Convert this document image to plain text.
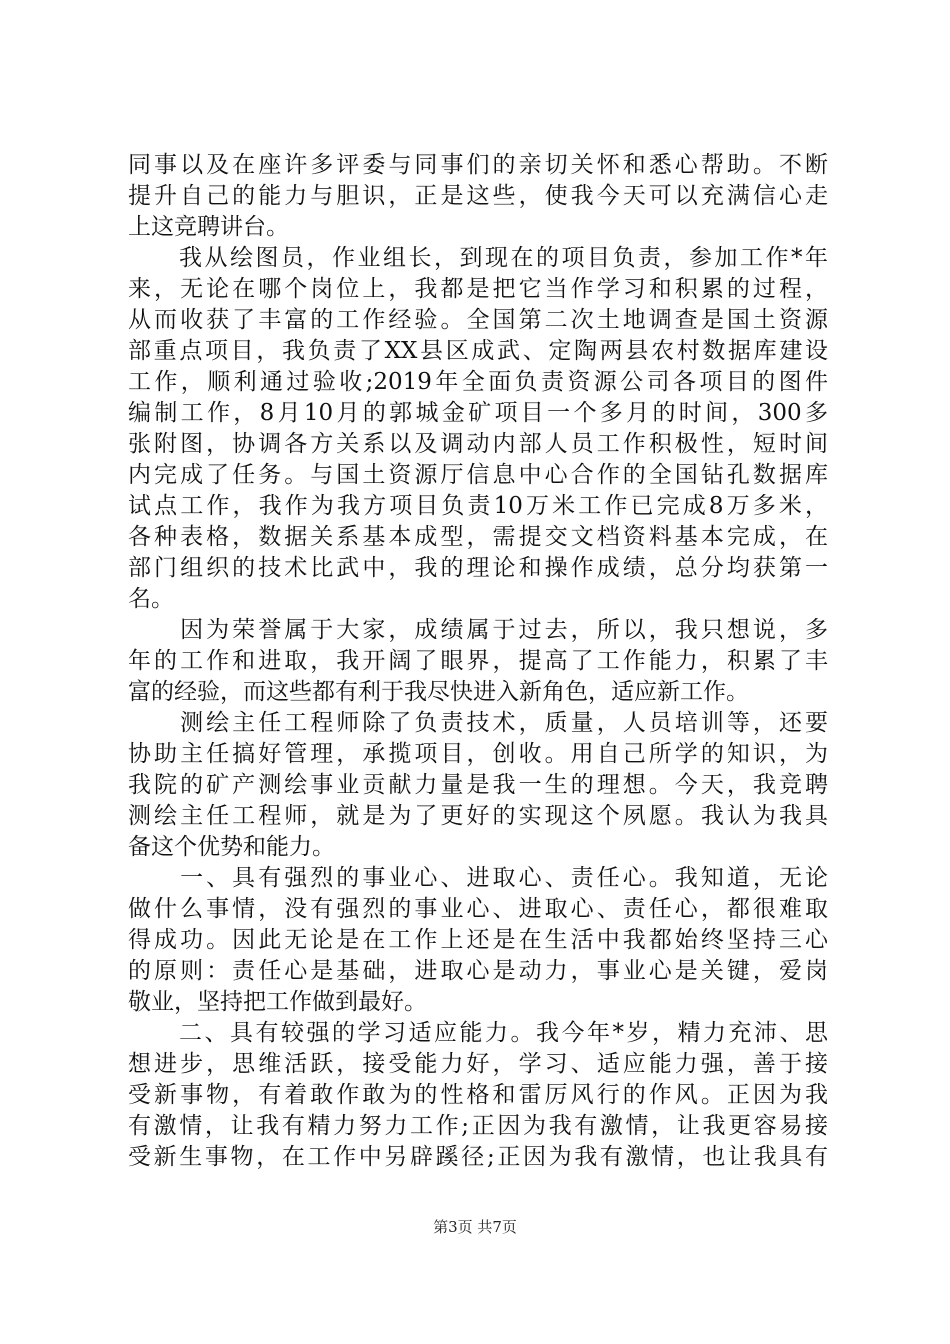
同事以及在座许多评委与同事们的亲切关怀和悉心帮助。不断
提升自己的能力与胆识，正是这些，使我今天可以充满信心走
上这竞聘讲台。
　　我从绘图员，作业组长，到现在的项目负责，参加工作*年
来，无论在哪个岗位上，我都是把它当作学习和积累的过程，
从而收获了丰富的工作经验。全国第二次土地调查是国土资源
部重点项目，我负责了XX县区成武、定陶两县农村数据库建设
工作，顺利通过验收;2019年全面负责资源公司各项目的图件
编制工作，8月10月的郭城金矿项目一个多月的时间，300多
张附图，协调各方关系以及调动内部人员工作积极性，短时间
内完成了任务。与国土资源厅信息中心合作的全国钻孔数据库
试点工作，我作为我方项目负责10万米工作已完成8万多米，
各种表格，数据关系基本成型，需提交文档资料基本完成，在
部门组织的技术比武中，我的理论和操作成绩，总分均获第一
名。
　　因为荣誉属于大家，成绩属于过去，所以，我只想说，多
年的工作和进取，我开阔了眼界，提高了工作能力，积累了丰
富的经验，而这些都有利于我尽快进入新角色，适应新工作。
　　测绘主任工程师除了负责技术，质量，人员培训等，还要
协助主任搞好管理，承揽项目，创收。用自己所学的知识，为
我院的矿产测绘事业贡献力量是我一生的理想。今天，我竞聘
测绘主任工程师，就是为了更好的实现这个夙愿。我认为我具
备这个优势和能力。
　　一、具有强烈的事业心、进取心、责任心。我知道，无论
做什么事情，没有强烈的事业心、进取心、责任心，都很难取
得成功。因此无论是在工作上还是在生活中我都始终坚持三心
的原则：责任心是基础，进取心是动力，事业心是关键，爱岗
敬业，坚持把工作做到最好。
　　二、具有较强的学习适应能力。我今年*岁，精力充沛、思
想进步，思维活跃，接受能力好，学习、适应能力强，善于接
受新事物，有着敢作敢为的性格和雷厉风行的作风。正因为我
有激情，让我有精力努力工作;正因为我有激情，让我更容易接
受新生事物，在工作中另辟蹊径;正因为我有激情，也让我具有
第3页 共7页
